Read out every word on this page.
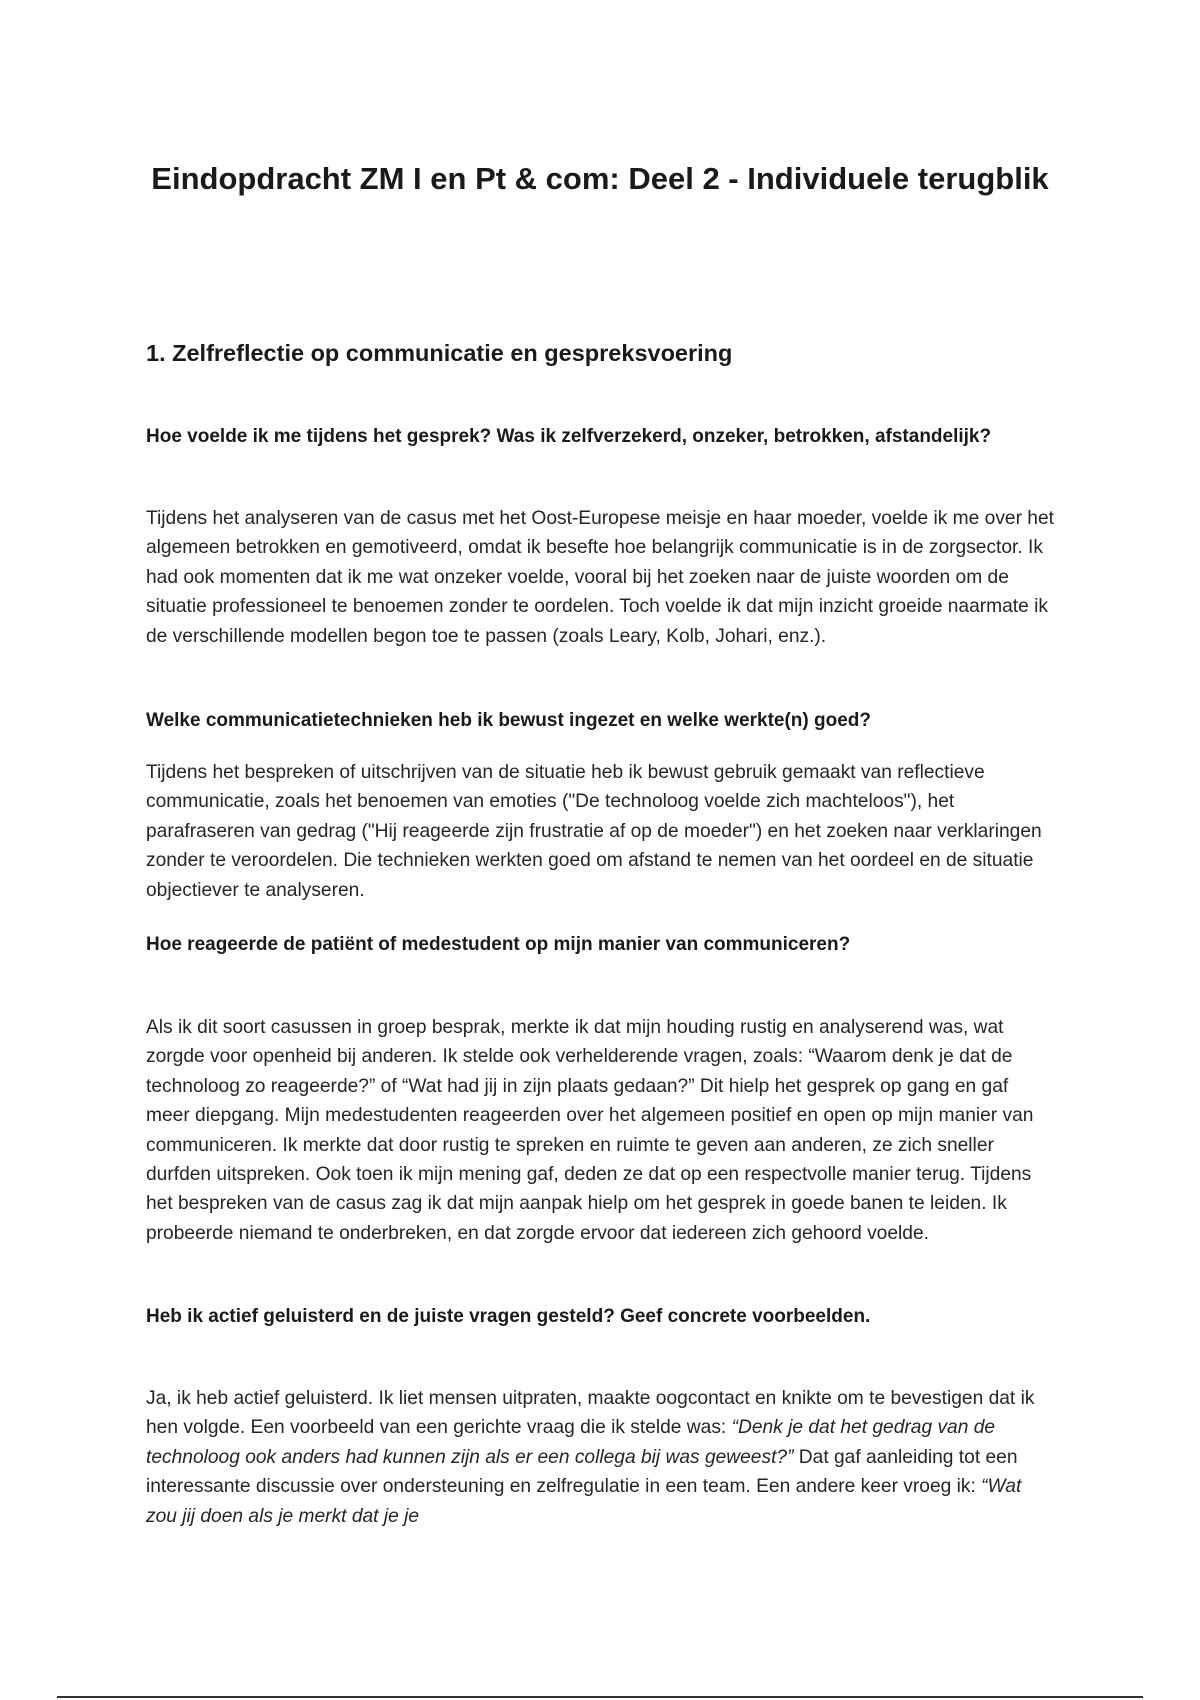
Eindopdracht ZM I en Pt & com: Deel 2 - Individuele terugblik
1. Zelfreflectie op communicatie en gespreksvoering

Hoe voelde ik me tijdens het gesprek? Was ik zelfverzekerd, onzeker, betrokken, afstandelijk?

Tijdens het analyseren van de casus met het Oost-Europese meisje en haar moeder, voelde ik me over het algemeen betrokken en gemotiveerd, omdat ik besefte hoe belangrijk communicatie is in de zorgsector. Ik had ook momenten dat ik me wat onzeker voelde, vooral bij het zoeken naar de juiste woorden om de situatie professioneel te benoemen zonder te oordelen. Toch voelde ik dat mijn inzicht groeide naarmate ik de verschillende modellen begon toe te passen (zoals Leary, Kolb, Johari, enz.).

Welke communicatietechnieken heb ik bewust ingezet en welke werkte(n) goed?

Tijdens het bespreken of uitschrijven van de situatie heb ik bewust gebruik gemaakt van reflectieve communicatie, zoals het benoemen van emoties ("De technoloog voelde zich machteloos"), het parafraseren van gedrag ("Hij reageerde zijn frustratie af op de moeder") en het zoeken naar verklaringen zonder te veroordelen. Die technieken werkten goed om afstand te nemen van het oordeel en de situatie objectiever te analyseren.

Hoe reageerde de patiënt of medestudent op mijn manier van communiceren?

Als ik dit soort casussen in groep besprak, merkte ik dat mijn houding rustig en analyserend was, wat zorgde voor openheid bij anderen. Ik stelde ook verhelderende vragen, zoals: “Waarom denk je dat de technoloog zo reageerde?” of “Wat had jij in zijn plaats gedaan?” Dit hielp het gesprek op gang en gaf meer diepgang. Mijn medestudenten reageerden over het algemeen positief en open op mijn manier van communiceren. Ik merkte dat door rustig te spreken en ruimte te geven aan anderen, ze zich sneller durfden uitspreken. Ook toen ik mijn mening gaf, deden ze dat op een respectvolle manier terug. Tijdens het bespreken van de casus zag ik dat mijn aanpak hielp om het gesprek in goede banen te leiden. Ik probeerde niemand te onderbreken, en dat zorgde ervoor dat iedereen zich gehoord voelde.

Heb ik actief geluisterd en de juiste vragen gesteld? Geef concrete voorbeelden.

Ja, ik heb actief geluisterd. Ik liet mensen uitpraten, maakte oogcontact en knikte om te bevestigen dat ik hen volgde. Een voorbeeld van een gerichte vraag die ik stelde was: “Denk je dat het gedrag van de technoloog ook anders had kunnen zijn als er een collega bij was geweest?” Dat gaf aanleiding tot een interessante discussie over ondersteuning en zelfregulatie in een team. Een andere keer vroeg ik: “Wat zou jij doen als je merkt dat je je
